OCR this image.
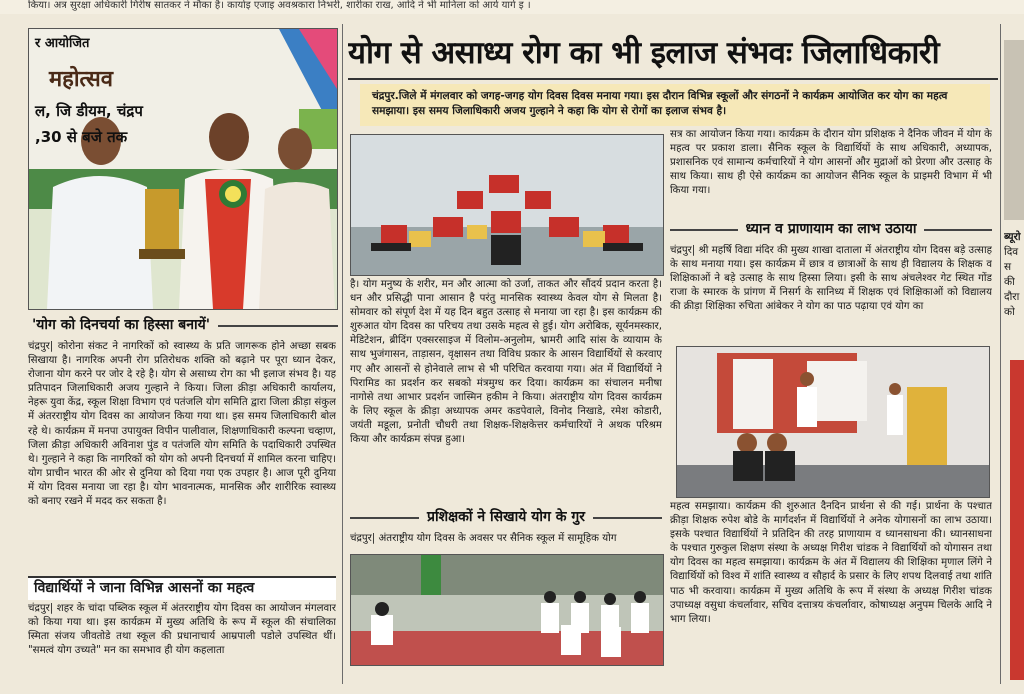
किया। अत्र सुरक्षा अधिकारी गिरीष सातकर ने मौका है। कार्याइ एजाइ अवश्रकारा निभरी, शारीका राख, आदि ने भी मानिला को आर्य यार्ग इ ।
र आयोजित
महोत्सव
ल, जि डीयम, चंद्रप
,30 से बजे तक
'योग को दिनचर्या का हिस्सा बनायें'

चंद्रपुर| कोरोना संकट ने नागरिकों को स्वास्थ्य के प्रति जागरूक होने अच्छा सबक सिखाया है। नागरिक अपनी रोग प्रतिरोधक शक्ति को बढ़ाने पर पूरा ध्यान देकर, रोजाना योग करने पर जोर दे रहे है। योग से असाध्य रोग का भी इलाज संभव है। यह प्रतिपादन जिलाधिकारी अजय गुल्हाने ने किया। जिला क्रीड़ा अधिकारी कार्यालय, नेहरू युवा केंद्र, स्कूल शिक्षा विभाग एवं पतंजलि योग समिति द्वारा जिला क्रीड़ा संकुल में अंतरराष्ट्रीय योग दिवस का आयोजन किया गया था। इस समय जिलाधिकारी बोल रहे थे। कार्यक्रम में मनपा उपायुक्त विपीन पालीवाल, शिक्षणाधिकारी कल्पना चव्हाण, जिला क्रीड़ा अधिकारी अविनाश पुंड व पतंजलि योग समिति के पदाधिकारी उपस्थित थे। गुल्हाने ने कहा कि नागरिकों को योग को अपनी दिनचर्या में शामिल करना चाहिए। योग प्राचीन भारत की ओर से दुनिया को दिया गया एक उपहार है। आज पूरी दुनिया में योग दिवस मनाया जा रहा है। योग भावनात्मक, मानसिक और शारीरिक स्वास्थ्य को बनाए रखने में मदद कर सकता है।

विद्यार्थियों ने जाना विभिन्न आसनों का महत्व

चंद्रपुर| शहर के चांदा पब्लिक स्कूल में अंतरराष्ट्रीय योग दिवस का आयोजन मंगलवार को किया गया था। इस कार्यक्रम में मुख्य अतिथि के रूप में स्कूल की संचालिका स्मिता संजय जीवतोडे तथा स्कूल की प्रधानाचार्य आम्रपाली पडोले उपस्थित थीं। "समत्वं योग उच्यते" मन का समभाव ही योग कहलाता

योग से असाध्य रोग का भी इलाज संभवः जिलाधिकारी
चंद्रपुर.जिले में मंगलवार को जगह-जगह योग दिवस दिवस मनाया गया। इस दौरान विभिन्न स्कूलों और संगठनों ने कार्यक्रम आयोजित कर योग का महत्व समझाया। इस समय जिलाधिकारी अजय गुल्हाने ने कहा कि योग से रोगों का इलाज संभव है।

है। योग मनुष्य के शरीर, मन और आत्मा को उर्जा, ताकत और सौंदर्य प्रदान करता है। धन और प्रसिद्धी पाना आसान है परंतु मानसिक स्वास्थ्य केवल योग से मिलता है। सोमवार को संपूर्ण देश में यह दिन बहुत उत्साह से मनाया जा रहा है। इस कार्यक्रम की शुरुआत योग दिवस का परिचय तथा उसके महत्व से हुई। योग अरोबिक, सूर्यनमस्कार, मेडिटेशन, ब्रीदिंग एक्सरसाइज में विलोम-अनुलोम, भ्रामरी आदि सांस के व्यायाम के साथ भुजंगासन, ताड़ासन, वृक्षासन तथा विविध प्रकार के आसन विद्यार्थियों से करवाए गए और आसनों से होनेवाले लाभ से भी परिचित करवाया गया। अंत में विद्यार्थियों ने पिरामिड का प्रदर्शन कर सबको मंत्रमुग्ध कर दिया। कार्यक्रम का संचालन मनीषा नागोसे तथा आभार प्रदर्शन जास्मिन हकीम ने किया। अंतराष्ट्रीय योग दिवस कार्यक्रम के लिए स्कूल के क्रीड़ा अध्यापक अमर कडपेवाले, विनोद निखाडे, रमेश कोडारी, जयंती मडूला, प्रनोती चौधरी तथा शिक्षक-शिक्षकेत्तर कर्मचारियों ने अथक परिश्रम किया और कार्यक्रम संपन्न हुआ।

प्रशिक्षकों ने सिखाये योग के गुर

चंद्रपुर| अंतराष्ट्रीय योग दिवस के अवसर पर सैनिक स्कूल में सामूहिक योग

सत्र का आयोजन किया गया। कार्यक्रम के दौरान योग प्रशिक्षक ने दैनिक जीवन में योग के महत्व पर प्रकाश डाला। सैनिक स्कूल के विद्यार्थियों के साथ अधिकारी, अध्यापक, प्रशासनिक एवं सामान्य कर्मचारियों ने योग आसनों और मुद्राओं को प्रेरणा और उत्साह के साथ किया। साथ ही ऐसे कार्यक्रम का आयोजन सैनिक स्कूल के प्राइमरी विभाग में भी किया गया।

ध्यान व प्राणायाम का लाभ उठाया

चंद्रपुर| श्री महर्षि विद्या मंदिर की मुख्य शाखा दाताला में अंतराष्ट्रीय योग दिवस बड़े उत्साह के साथ मनाया गया। इस कार्यक्रम में छात्र व छात्राओं के साथ ही विद्यालय के शिक्षक व शिक्षिकाओं ने बड़े उत्साह के साथ हिस्सा लिया। इसी के साथ अंचलेश्वर गेट स्थित गोंड राजा के स्मारक के प्रांगण में निसर्ग के सानिध्य में शिक्षक एवं शिक्षिकाओं को विद्यालय की क्रीड़ा शिक्षिका रुचिता आंबेकर ने योग का पाठ पढ़ाया एवं योग का

महत्व समझाया। कार्यक्रम की शुरुआत दैनदिन प्रार्थना से की गई। प्रार्थना के पश्चात क्रीड़ा शिक्षक रुपेश बोडे के मार्गदर्शन में विद्यार्थियों ने अनेक योगासनों का लाभ उठाया। इसके पश्चात विद्यार्थियों ने प्रतिदिन की तरह प्राणायाम व ध्यानसाधना की। ध्यानसाधना के पश्चात गुरुकुल शिक्षण संस्था के अध्यक्ष गिरीश चांडक ने विद्यार्थियों को योगासन तथा योग दिवस का महत्व समझाया। कार्यक्रम के अंत में विद्यालय की शिक्षिका मृणाल लिंगे ने विद्यार्थियों को विश्व में शांति स्वास्थ्य व सौहार्द के प्रसार के लिए शपथ दिलवाई तथा शांति पाठ भी करवाया। कार्यक्रम में मुख्य अतिथि के रूप में संस्था के अध्यक्ष गिरीश चांडक उपाध्यक्ष वसुधा कंचर्लावार, सचिव दत्तात्रय कंचर्लावार, कोषाध्यक्ष अनुपम चिलके आदि ने भाग लिया।

ब्यूरो
दिव
स
की
दौरा
को
